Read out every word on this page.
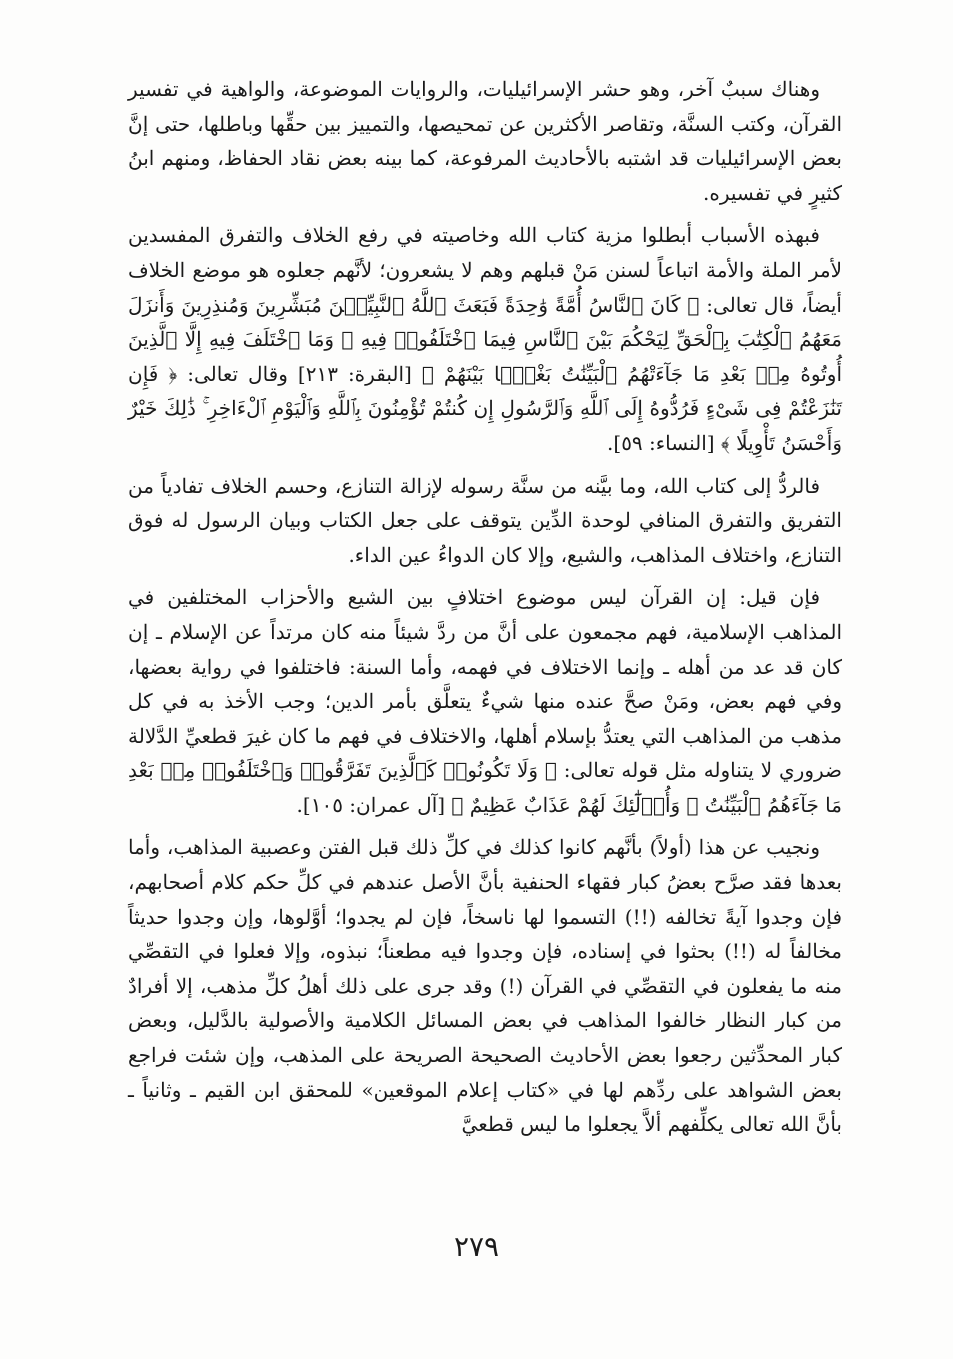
وهناك سببٌ آخر، وهو حشر الإسرائيليات، والروايات الموضوعة، والواهية في تفسير القرآن، وكتب السنَّة، وتقاصر الأكثرين عن تمحيصها، والتمييز بين حقِّها وباطلها، حتى إنَّ بعض الإسرائيليات قد اشتبه بالأحاديث المرفوعة، كما بينه بعض نقاد الحفاظ، ومنهم ابنُ كثيرٍ في تفسيره.

فبهذه الأسباب أبطلوا مزية كتاب الله وخاصيته في رفع الخلاف والتفرق المفسدين لأمر الملة والأمة اتباعاً لسنن مَنْ قبلهم وهم لا يشعرون؛ لأنَّهم جعلوه هو موضع الخلاف أيضاً، قال تعالى: ﴿ كَانَ ٱلنَّاسُ أُمَّةً وَٰحِدَةً فَبَعَثَ ٱللَّهُ ٱلنَّبِيِّـۧنَ مُبَشِّرِينَ وَمُنذِرِينَ وَأَنزَلَ مَعَهُمُ ٱلْكِتَٰبَ بِٱلْحَقِّ لِيَحْكُمَ بَيْنَ ٱلنَّاسِ فِيمَا ٱخْتَلَفُوا۟ فِيهِ ۚ وَمَا ٱخْتَلَفَ فِيهِ إِلَّا ٱلَّذِينَ أُوتُوهُ مِنۢ بَعْدِ مَا جَآءَتْهُمُ ٱلْبَيِّنَٰتُ بَغْيًۢا بَيْنَهُمْ ﴾ [البقرة: ٢١٣] وقال تعالى: ﴿ فَإِن تَنَٰزَعْتُمْ فِى شَىْءٍ فَرُدُّوهُ إِلَى ٱللَّهِ وَٱلرَّسُولِ إِن كُنتُمْ تُؤْمِنُونَ بِٱللَّهِ وَٱلْيَوْمِ ٱلْءَاخِرِ ۚ ذَٰلِكَ خَيْرٌ وَأَحْسَنُ تَأْوِيلًا ﴾ [النساء: ٥٩].

فالردُّ إلى كتاب الله، وما بيَّنه من سنَّة رسوله لإزالة التنازع، وحسم الخلاف تفادياً من التفريق والتفرق المنافي لوحدة الدِّين يتوقف على جعل الكتاب وبيان الرسول له فوق التنازع، واختلاف المذاهب، والشيع، وإلا كان الدواءُ عين الداء.

فإن قيل: إن القرآن ليس موضوع اختلافٍ بين الشيع والأحزاب المختلفين في المذاهب الإسلامية، فهم مجمعون على أنَّ من ردَّ شيئاً منه كان مرتداً عن الإسلام ـ إن كان قد عد من أهله ـ وإنما الاختلاف في فهمه، وأما السنة: فاختلفوا في رواية بعضها، وفي فهم بعض، ومَنْ صحَّ عنده منها شيءٌ يتعلَّق بأمر الدين؛ وجب الأخذ به في كل مذهب من المذاهب التي يعتدُّ بإسلام أهلها، والاختلاف في فهم ما كان غيرَ قطعيِّ الدَّلالة ضروري لا يتناوله مثل قوله تعالى: ﴿ وَلَا تَكُونُوا۟ كَٱلَّذِينَ تَفَرَّقُوا۟ وَٱخْتَلَفُوا۟ مِنۢ بَعْدِ مَا جَآءَهُمُ ٱلْبَيِّنَٰتُ ۚ وَأُو۟لَٰٓئِكَ لَهُمْ عَذَابٌ عَظِيمٌ ﴾ [آل عمران: ١٠٥].

ونجيب عن هذا (أولاً) بأنَّهم كانوا كذلك في كلِّ ذلك قبل الفتن وعصبية المذاهب، وأما بعدها فقد صرَّح بعضُ كبار فقهاء الحنفية بأنَّ الأصل عندهم في كلِّ حكم كلام أصحابهم، فإن وجدوا آيةً تخالفه (!!) التسموا لها ناسخاً، فإن لم يجدوا؛ أوَّلوها، وإن وجدوا حديثاً مخالفاً له (!!) بحثوا في إسناده، فإن وجدوا فيه مطعناً؛ نبذوه، وإلا فعلوا في التقصِّي منه ما يفعلون في التقصِّي في القرآن (!) وقد جرى على ذلك أهلُ كلِّ مذهب، إلا أفرادٌ من كبار النظار خالفوا المذاهب في بعض المسائل الكلامية والأصولية بالدَّليل، وبعض كبار المحدِّثين رجعوا بعض الأحاديث الصحيحة الصريحة على المذهب، وإن شئت فراجع بعض الشواهد على ردِّهم لها في «كتاب إعلام الموقعين» للمحقق ابن القيم ـ وثانياً ـ بأنَّ الله تعالى يكلِّفهم ألاَّ يجعلوا ما ليس قطعيَّ

٢٧٩
